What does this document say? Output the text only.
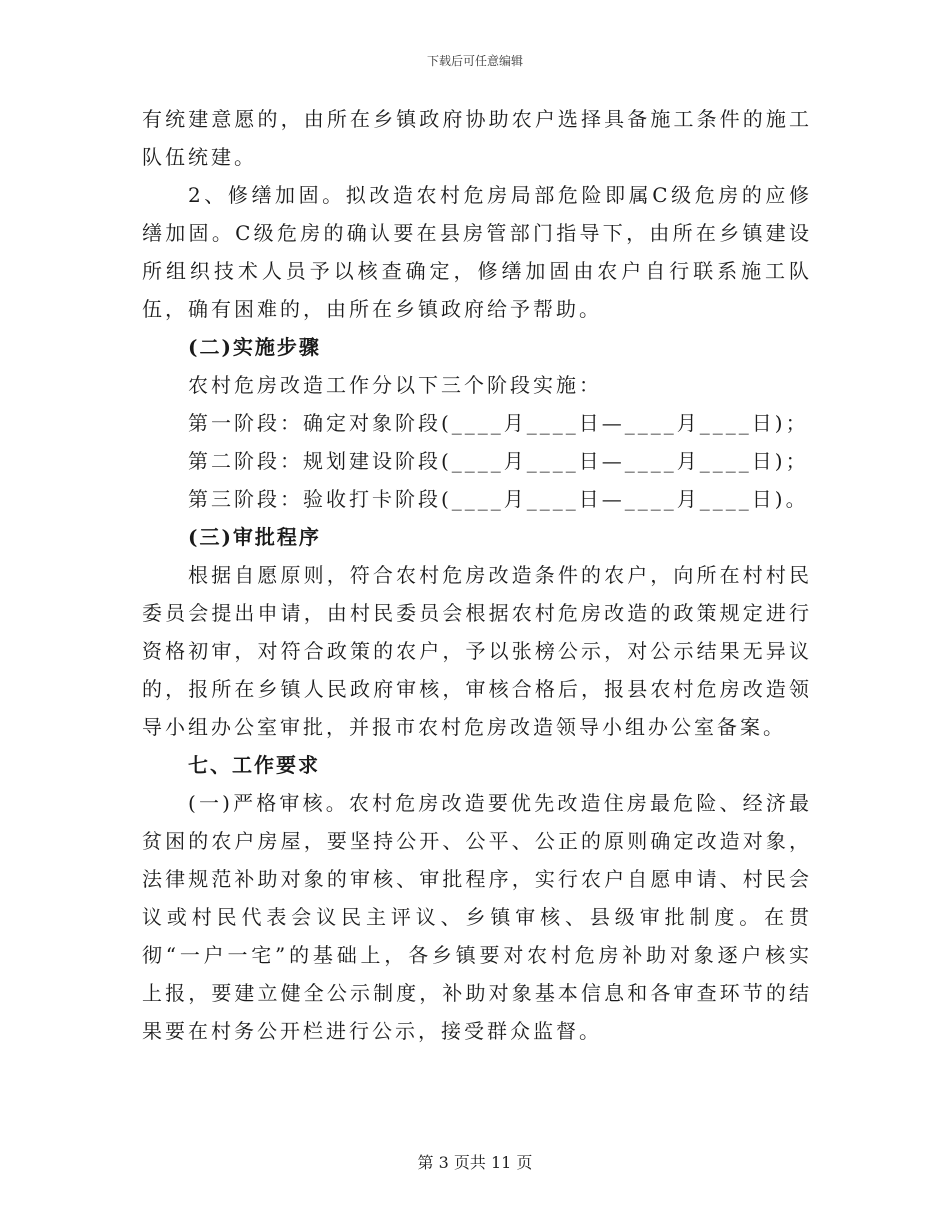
下载后可任意编辑

有统建意愿的，由所在乡镇政府协助农户选择具备施工条件的施工队伍统建。

2、修缮加固。拟改造农村危房局部危险即属C级危房的应修缮加固。C级危房的确认要在县房管部门指导下，由所在乡镇建设所组织技术人员予以核查确定，修缮加固由农户自行联系施工队伍，确有困难的，由所在乡镇政府给予帮助。

(二)实施步骤

农村危房改造工作分以下三个阶段实施：

第一阶段：确定对象阶段(____月____日—____月____日)；

第二阶段：规划建设阶段(____月____日—____月____日)；

第三阶段：验收打卡阶段(____月____日—____月____日)。

(三)审批程序

根据自愿原则，符合农村危房改造条件的农户，向所在村村民委员会提出申请，由村民委员会根据农村危房改造的政策规定进行资格初审，对符合政策的农户，予以张榜公示，对公示结果无异议的，报所在乡镇人民政府审核，审核合格后，报县农村危房改造领导小组办公室审批，并报市农村危房改造领导小组办公室备案。

七、工作要求

(一)严格审核。农村危房改造要优先改造住房最危险、经济最贫困的农户房屋，要坚持公开、公平、公正的原则确定改造对象，法律规范补助对象的审核、审批程序，实行农户自愿申请、村民会议或村民代表会议民主评议、乡镇审核、县级审批制度。在贯彻“一户一宅”的基础上，各乡镇要对农村危房补助对象逐户核实上报，要建立健全公示制度，补助对象基本信息和各审查环节的结果要在村务公开栏进行公示，接受群众监督。

第 3 页共 11 页
